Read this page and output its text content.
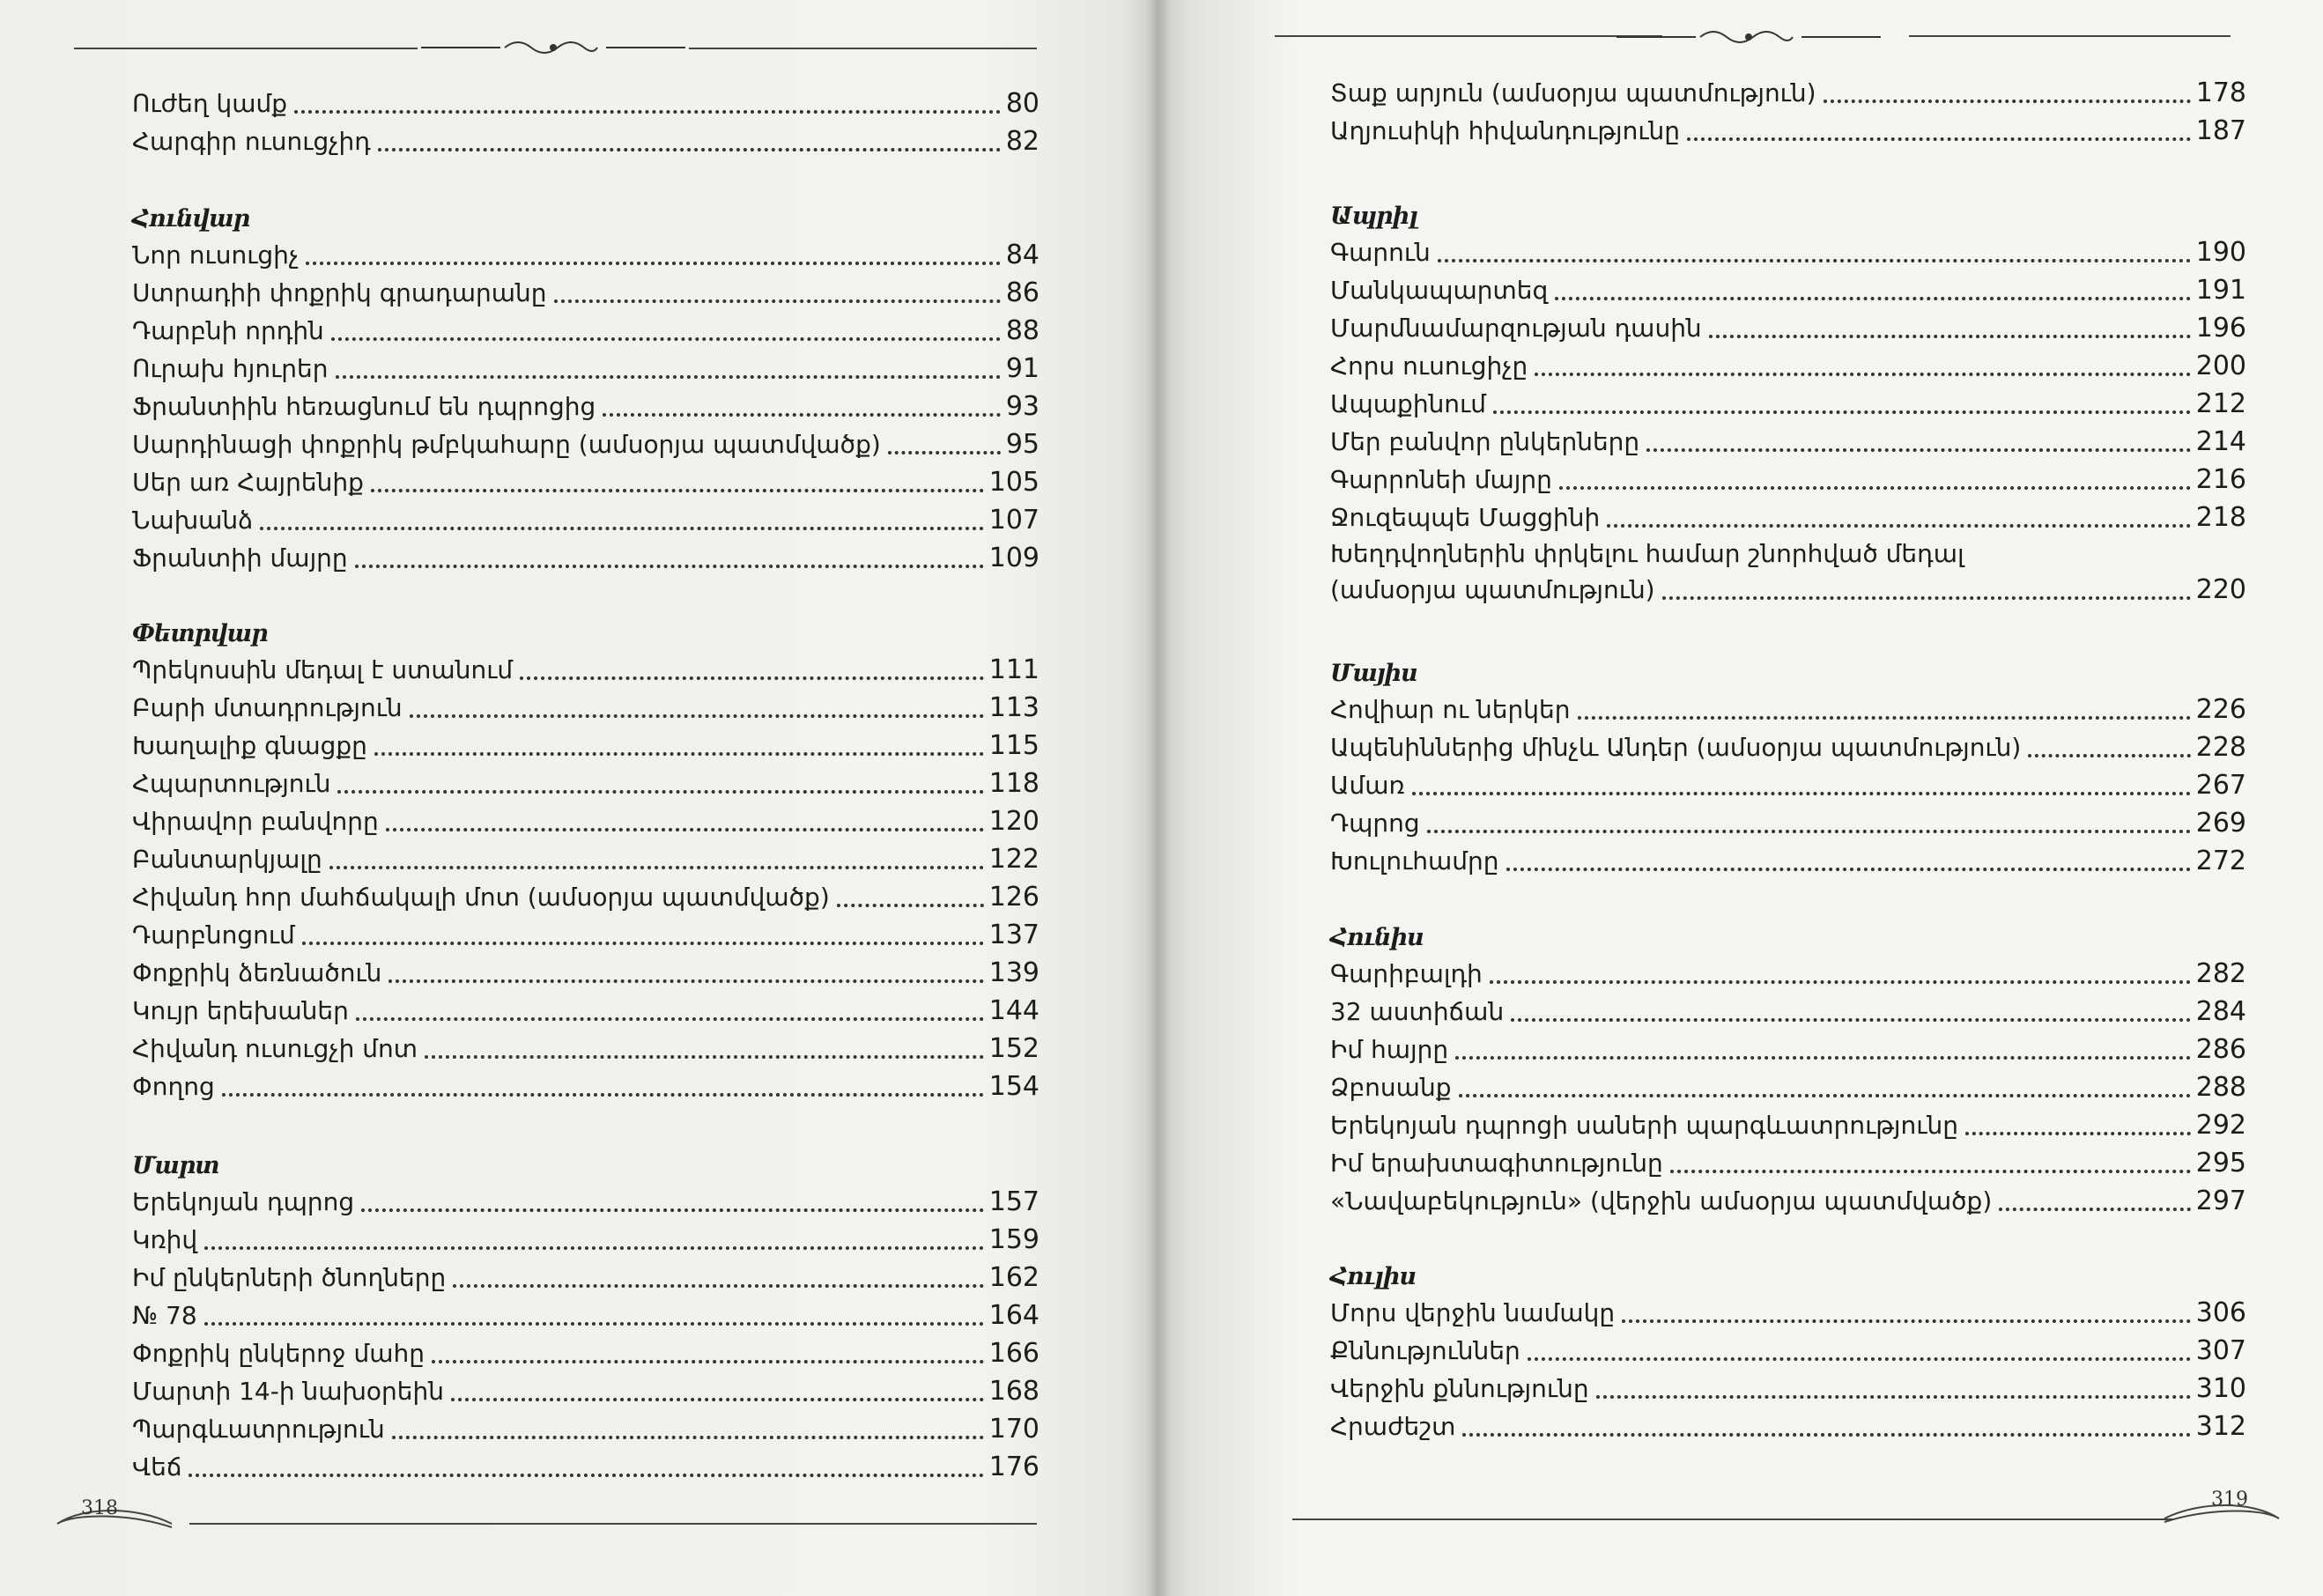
Ուժեղ կամք	80
Հարգիր ուսուցչիդ	82
Հունվար
Նոր ուսուցիչ	84
Ստրադիի փոքրիկ գրադարանը	86
Դարբնի որդին	88
Ուրախ հյուրեր	91
Ֆրանտիին հեռացնում են դպրոցից	93
Սարդինացի փոքրիկ թմբկահարը (ամսօրյա պատմվածք)	95
Սեր առ Հայրենիք	105
Նախանձ	107
Ֆրանտիի մայրը	109
Փետրվար
Պրեկոսսին մեդալ է ստանում	111
Բարի մտադրություն	113
Խաղալիք գնացքը	115
Հպարտություն	118
Վիրավոր բանվորը	120
Բանտարկյալը	122
Հիվանդ հոր մահճակալի մոտ (ամսօրյա պատմվածք)	126
Դարբնոցում	137
Փոքրիկ ձեռնածուն	139
Կույր երեխաներ	144
Հիվանդ ուսուցչի մոտ	152
Փողոց	154
Մարտ
Երեկոյան դպրոց	157
Կռիվ	159
Իմ ընկերների ծնողները	162
№ 78	164
Փոքրիկ ընկերոջ մահը	166
Մարտի 14-ի նախօրեին	168
Պարգևատրություն	170
Վեճ	176
318
Տաք արյուն (ամսօրյա պատմություն)	178
Աղյուսիկի հիվանդությունը	187
Ապրիլ
Գարուն	190
Մանկապարտեզ	191
Մարմնամարզության դասին	196
Հորս ուսուցիչը	200
Ապաքինում	212
Մեր բանվոր ընկերները	214
Գարրոնեի մայրը	216
Ջուզեպպե Մացցինի	218
Խեղդվողներին փրկելու համար շնորհված մեդալ
(ամսօրյա պատմություն)	220
Մայիս
Հովիար ու ներկեր	226
Ապենիններից մինչև Անդեր (ամսօրյա պատմություն)	228
Ամառ	267
Դպրոց	269
Խուլուհամրը	272
Հունիս
Գարիբալդի	282
32 աստիճան	284
Իմ հայրը	286
Ձբոսանք	288
Երեկոյան դպրոցի սաների պարգևատրությունը	292
Իմ երախտագիտությունը	295
«Նավաբեկություն» (վերջին ամսօրյա պատմվածք)	297
Հուլիս
Մորս վերջին նամակը	306
Քննություններ	307
Վերջին քննությունը	310
Հրաժեշտ	312
319
